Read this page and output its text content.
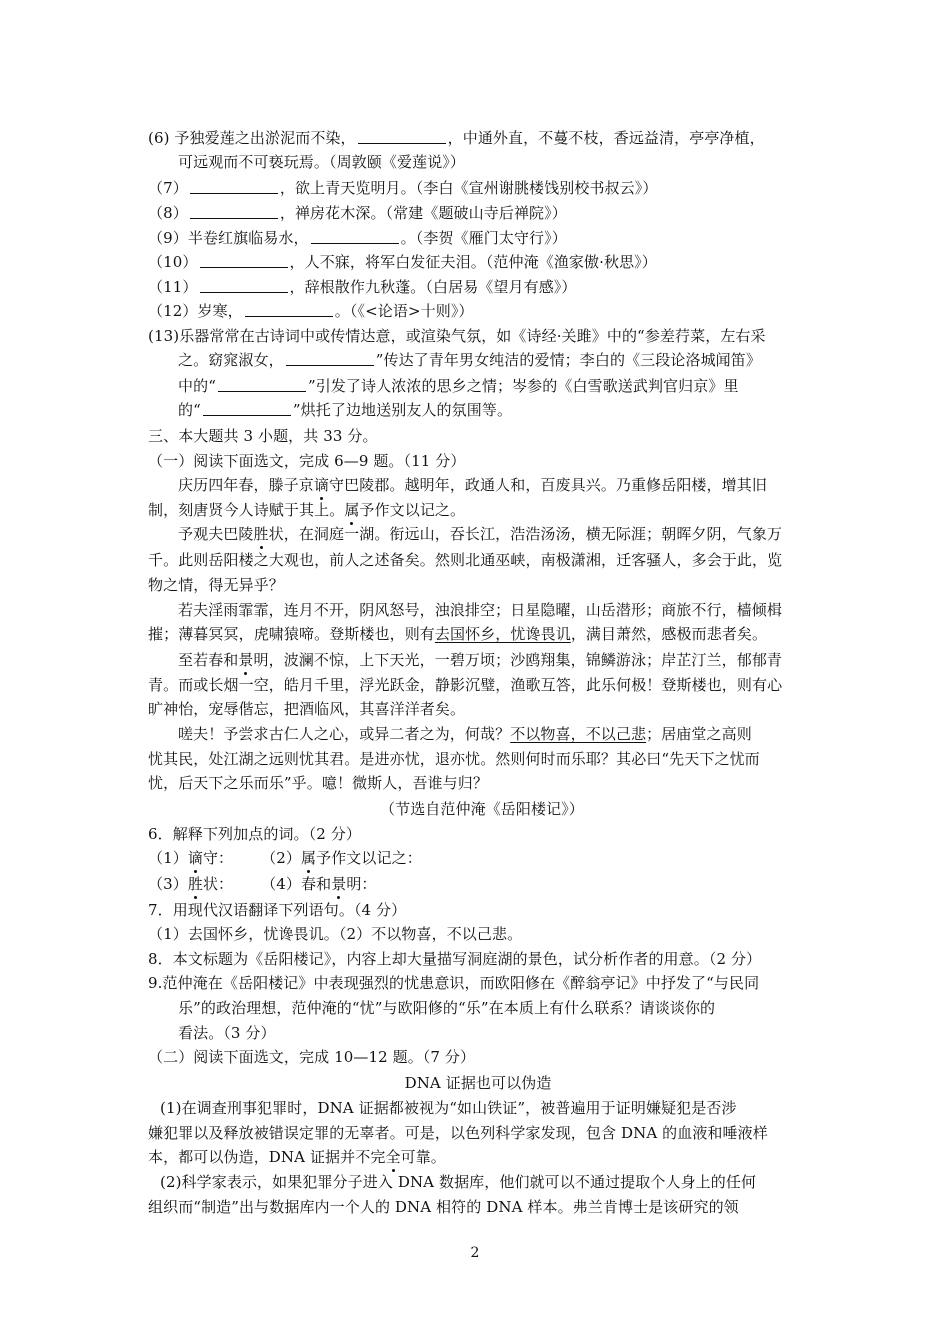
(6) 予独爱莲之出淤泥而不染，	，中通外直，不蔓不枝，香远益清，亭亭净植，
可远观而不可亵玩焉。（周敦颐《爱莲说》）
（7）	，欲上青天览明月。（李白《宣州谢朓楼饯别校书叔云》）
（8）	，禅房花木深。（常建《题破山寺后禅院》）
（9）半卷红旗临易水，	。（李贺《雁门太守行》）
（10）	，人不寐，将军白发征夫泪。（范仲淹《渔家傲·秋思》）
（11）	，辞根散作九秋蓬。（白居易《望月有感》）
（12）岁寒，	。（《<论语>十则》）
(13)乐器常常在古诗词中或传情达意，或渲染气氛，如《诗经·关雎》中的“参差荇菜，左右采
之。窈窕淑女，	”传达了青年男女纯洁的爱情；李白的《三段论洛城闻笛》
中的“	”引发了诗人浓浓的思乡之情；岑参的《白雪歌送武判官归京》里
的“	”烘托了边地送别友人的氛围等。
三、本大题共 3 小题，共 33 分。
（一）阅读下面选文，完成 6—9 题。（11 分）
庆历四年春，滕子京谪守巴陵郡。越明年，政通人和，百废具兴。乃重修岳阳楼，增其旧
制，刻唐贤今人诗赋于其上。属予作文以记之。
予观夫巴陵胜状，在洞庭一湖。衔远山，吞长江，浩浩汤汤，横无际涯；朝晖夕阴，气象万
千。此则岳阳楼之大观也，前人之述备矣。然则北通巫峡，南极潇湘，迁客骚人，多会于此，览
物之情，得无异乎？
若夫淫雨霏霏，连月不开，阴风怒号，浊浪排空；日星隐曜，山岳潜形；商旅不行，樯倾楫
摧；薄暮冥冥，虎啸猿啼。登斯楼也，则有去国怀乡，忧谗畏讥，满目萧然，感极而悲者矣。
至若春和景明，波澜不惊，上下天光，一碧万顷；沙鸥翔集，锦鳞游泳；岸芷汀兰，郁郁青
青。而或长烟一空，皓月千里，浮光跃金，静影沉璧，渔歌互答，此乐何极！登斯楼也，则有心
旷神怡，宠辱偕忘，把酒临风，其喜洋洋者矣。
嗟夫！予尝求古仁人之心，或异二者之为，何哉？不以物喜，不以己悲；居庙堂之高则
忧其民，处江湖之远则忧其君。是进亦忧，退亦忧。然则何时而乐耶？其必曰“先天下之忧而
忧，后天下之乐而乐”乎。噫！微斯人，吾谁与归？
（节选自范仲淹《岳阳楼记》）
6．解释下列加点的词。（2 分）
（1）谪守： （2）属予作文以记之：
（3）胜状： （4）春和景明：
7．用现代汉语翻译下列语句。（4 分）
（1）去国怀乡，忧谗畏讥。（2）不以物喜，不以己悲。
8．本文标题为《岳阳楼记》，内容上却大量描写洞庭湖的景色，试分析作者的用意。（2 分）
9.范仲淹在《岳阳楼记》中表现强烈的忧患意识，而欧阳修在《醉翁亭记》中抒发了“与民同
乐”的政治理想，范仲淹的“忧”与欧阳修的“乐”在本质上有什么联系？请谈谈你的
看法。（3 分）
（二）阅读下面选文，完成 10—12 题。（7 分）
DNA 证据也可以伪造
(1)在调查刑事犯罪时，DNA 证据都被视为“如山铁证”，被普遍用于证明嫌疑犯是否涉
嫌犯罪以及释放被错误定罪的无辜者。可是，以色列科学家发现，包含 DNA 的血液和唾液样
本，都可以伪造，DNA 证据并不完全可靠。
(2)科学家表示，如果犯罪分子进入 DNA 数据库，他们就可以不通过提取个人身上的任何
组织而“制造”出与数据库内一个人的 DNA 相符的 DNA 样本。弗兰肯博士是该研究的领
2
